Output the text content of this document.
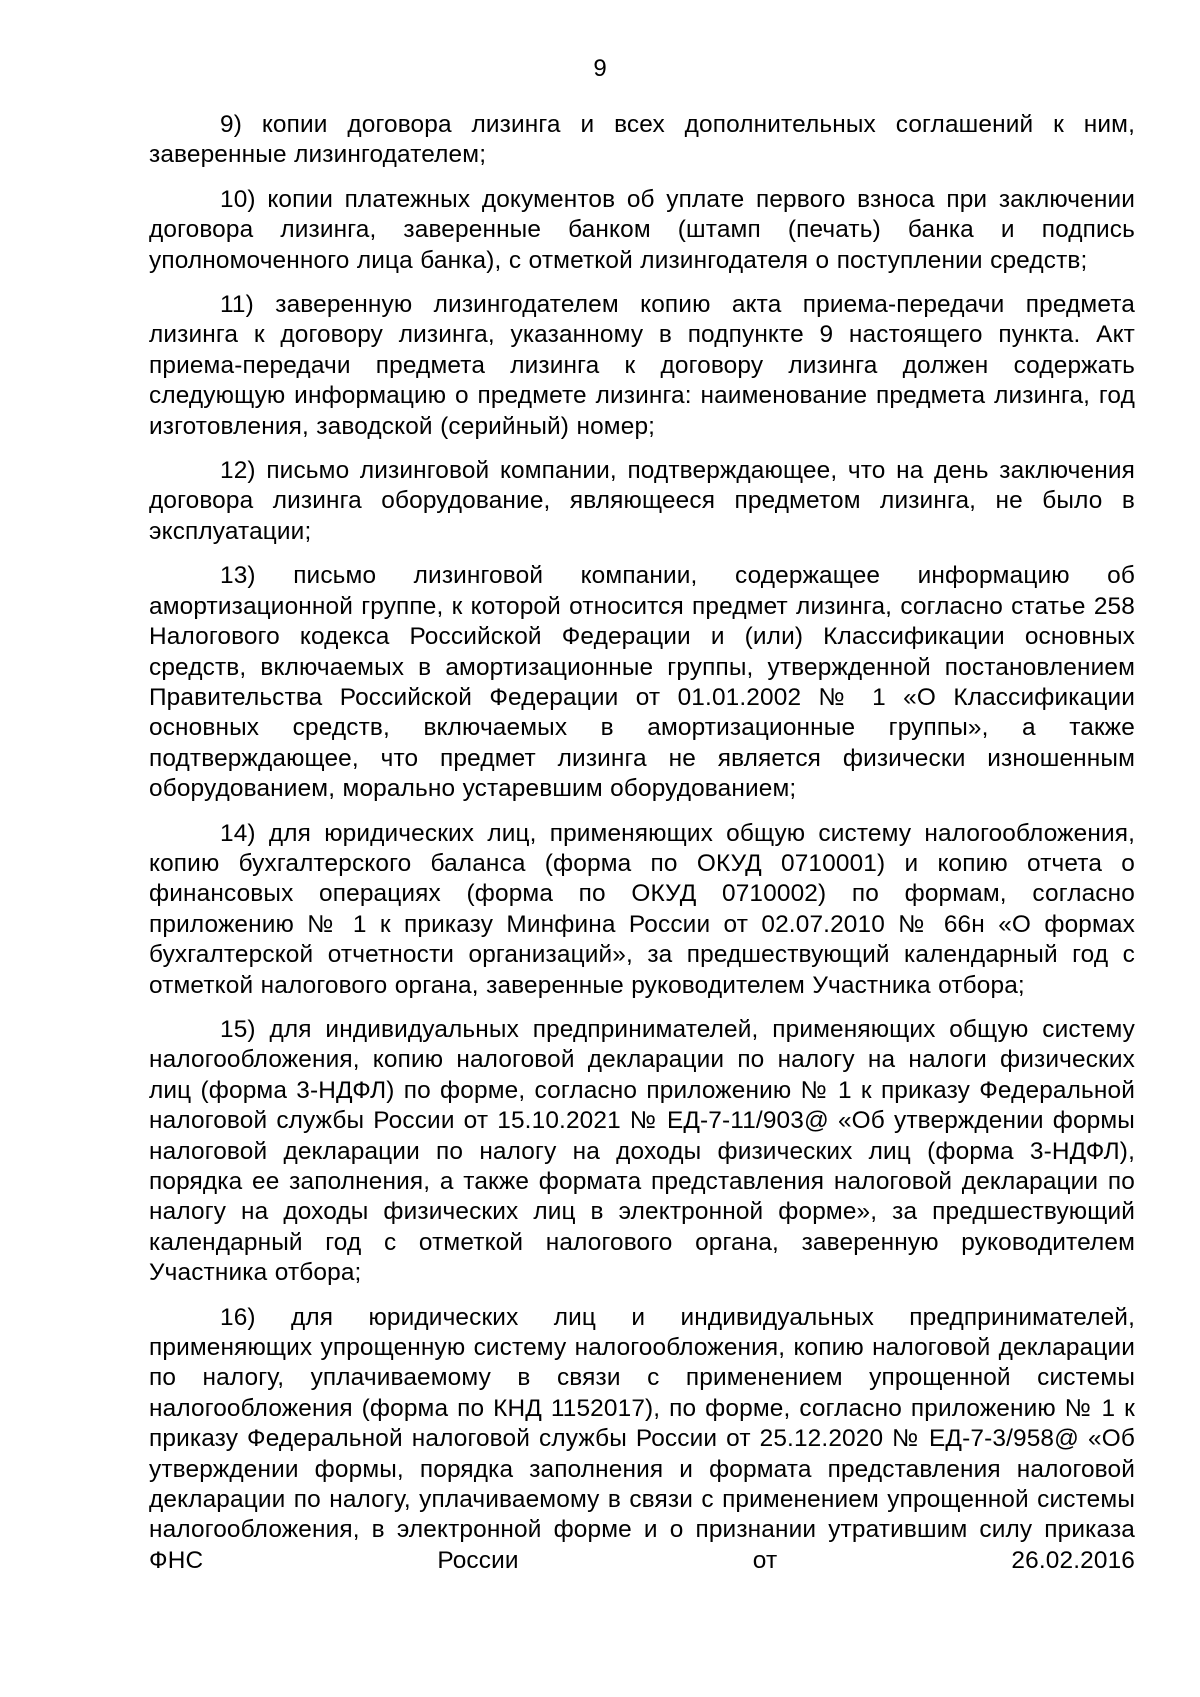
9

9) копии договора лизинга и всех дополнительных соглашений к ним, заверенные лизингодателем;

10) копии платежных документов об уплате первого взноса при заключении договора лизинга, заверенные банком (штамп (печать) банка и подпись уполномоченного лица банка), с отметкой лизингодателя о поступлении средств;

11) заверенную лизингодателем копию акта приема-передачи предмета лизинга к договору лизинга, указанному в подпункте 9 настоящего пункта. Акт приема-передачи предмета лизинга к договору лизинга должен содержать следующую информацию о предмете лизинга: наименование предмета лизинга, год изготовления, заводской (серийный) номер;

12) письмо лизинговой компании, подтверждающее, что на день заключения договора лизинга оборудование, являющееся предметом лизинга, не было в эксплуатации;

13) письмо лизинговой компании, содержащее информацию об амортизационной группе, к которой относится предмет лизинга, согласно статье 258 Налогового кодекса Российской Федерации и (или) Классификации основных средств, включаемых в амортизационные группы, утвержденной постановлением Правительства Российской Федерации от 01.01.2002 № 1 «О Классификации основных средств, включаемых в амортизационные группы», а также подтверждающее, что предмет лизинга не является физически изношенным оборудованием, морально устаревшим оборудованием;

14) для юридических лиц, применяющих общую систему налогообложения, копию бухгалтерского баланса (форма по ОКУД 0710001) и копию отчета о финансовых операциях (форма по ОКУД 0710002) по формам, согласно приложению № 1 к приказу Минфина России от 02.07.2010 № 66н «О формах бухгалтерской отчетности организаций», за предшествующий календарный год с отметкой налогового органа, заверенные руководителем Участника отбора;

15) для индивидуальных предпринимателей, применяющих общую систему налогообложения, копию налоговой декларации по налогу на налоги физических лиц (форма 3-НДФЛ) по форме, согласно приложению № 1 к приказу Федеральной налоговой службы России от 15.10.2021 № ЕД-7-11/903@ «Об утверждении формы налоговой декларации по налогу на доходы физических лиц (форма 3-НДФЛ), порядка ее заполнения, а также формата представления налоговой декларации по налогу на доходы физических лиц в электронной форме», за предшествующий календарный год с отметкой налогового органа, заверенную руководителем Участника отбора;

16) для юридических лиц и индивидуальных предпринимателей, применяющих упрощенную систему налогообложения, копию налоговой декларации по налогу, уплачиваемому в связи с применением упрощенной системы налогообложения (форма по КНД 1152017), по форме, согласно приложению № 1 к приказу Федеральной налоговой службы России от 25.12.2020 № ЕД-7-3/958@ «Об утверждении формы, порядка заполнения и формата представления налоговой декларации по налогу, уплачиваемому в связи с применением упрощенной системы налогообложения, в электронной форме и о признании утратившим силу приказа ФНС России от 26.02.2016
